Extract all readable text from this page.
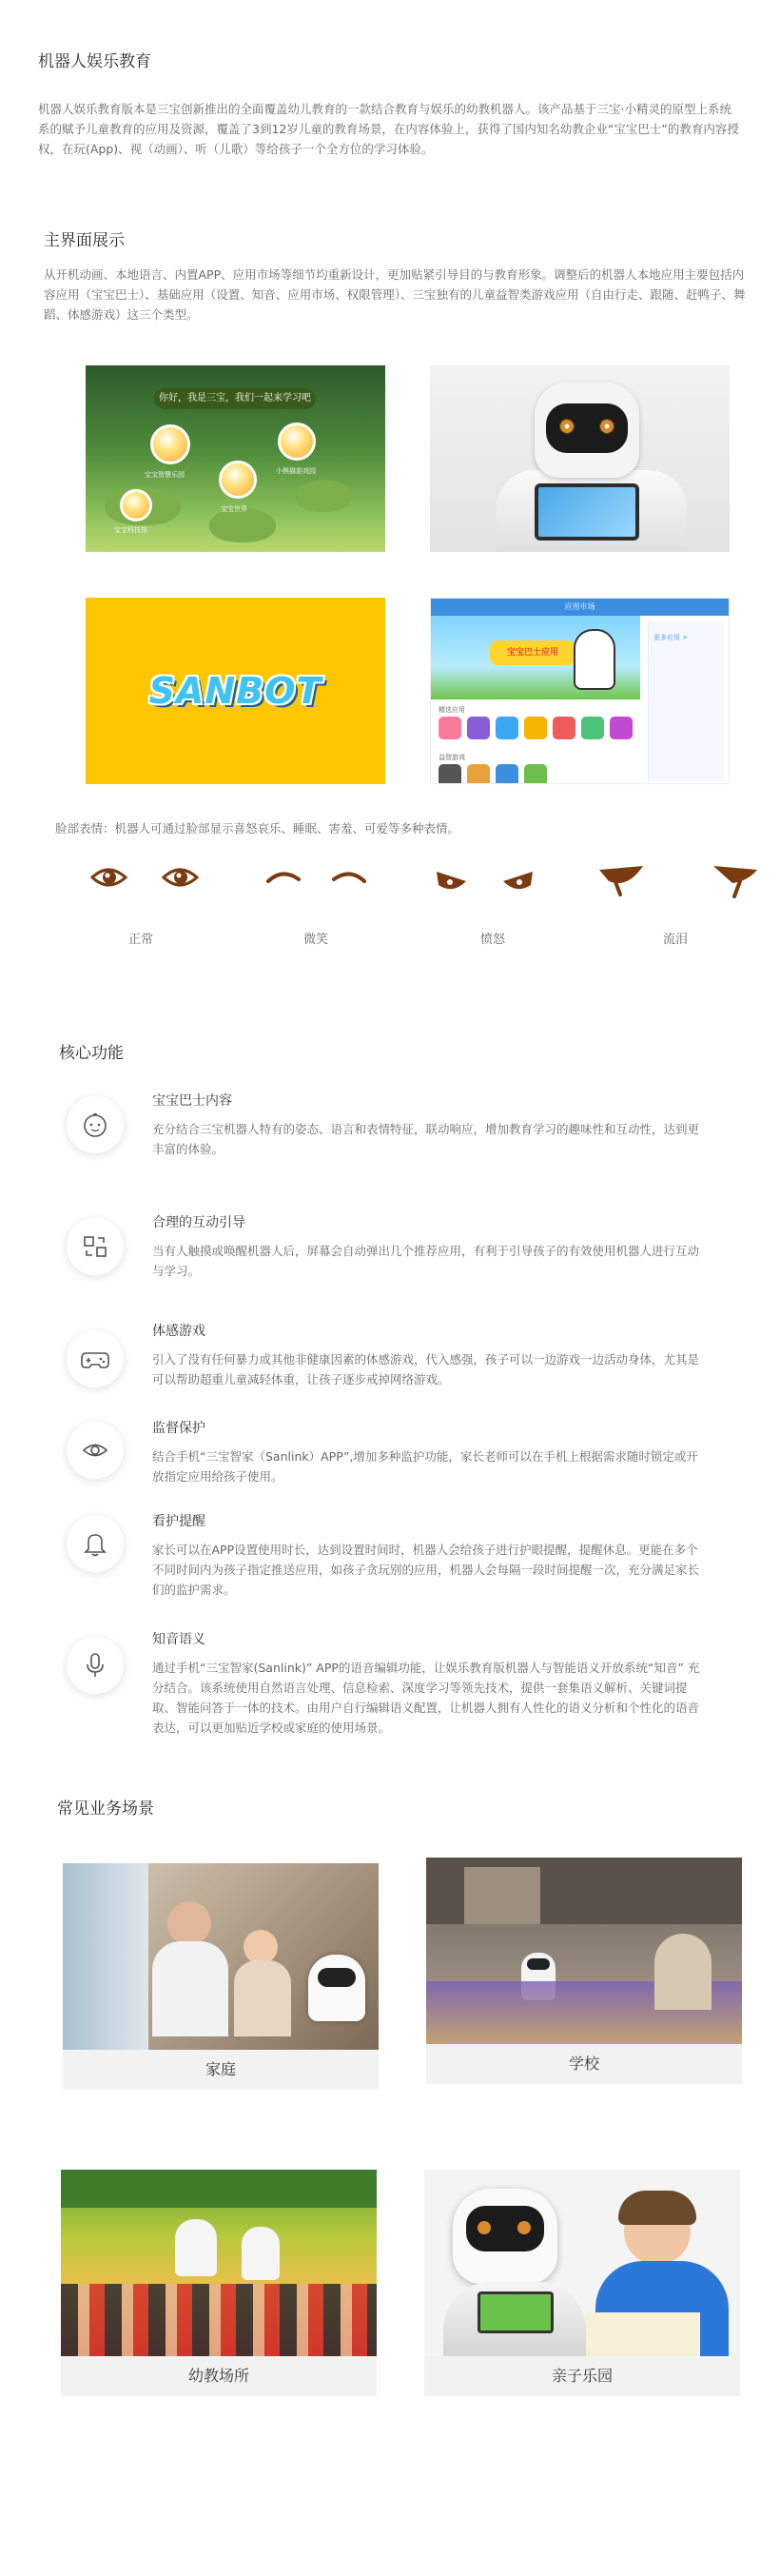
机器人娱乐教育
机器人娱乐教育版本是三宝创新推出的全面覆盖幼儿教育的一款结合教育与娱乐的幼教机器人。该产品基于三宝·小精灵的原型上系统系的赋予儿童教育的应用及资源，覆盖了3到12岁儿童的教育场景，在内容体验上，获得了国内知名幼教企业“宝宝巴士”的教育内容授权，在玩(App)、视（动画）、听（儿歌）等给孩子一个全方位的学习体验。
主界面展示
从开机动画、本地语言、内置APP、应用市场等细节均重新设计，更加贴紧引导目的与教育形象。调整后的机器人本地应用主要包括内容应用（宝宝巴士）、基础应用（设置、知音、应用市场、权限管理）、三宝独有的儿童益智类游戏应用（自由行走、跟随、赶鸭子、舞蹈、体感游戏）这三个类型。
你好，我是三宝，我们一起来学习吧
宝宝智慧乐园	小熊猫游戏园
宝宝科技馆
宝宝世界
SANBOT
应用市场
宝宝巴士应用
精选应用
益智游戏
更多应用 >
脸部表情：机器人可通过脸部显示喜怒哀乐、睡眠、害羞、可爱等多种表情。
正常	微笑	愤怒	流泪
核心功能
宝宝巴士内容
充分结合三宝机器人特有的姿态、语言和表情特征，联动响应，增加教育学习的趣味性和互动性，达到更丰富的体验。
合理的互动引导
当有人触摸或唤醒机器人后，屏幕会自动弹出几个推荐应用，有利于引导孩子的有效使用机器人进行互动与学习。
体感游戏
引入了没有任何暴力或其他非健康因素的体感游戏，代入感强，孩子可以一边游戏一边活动身体，尤其是可以帮助超重儿童减轻体重，让孩子逐步戒掉网络游戏。
监督保护
结合手机“三宝智家（Sanlink）APP”,增加多种监护功能，家长老师可以在手机上根据需求随时锁定或开放指定应用给孩子使用。
看护提醒
家长可以在APP设置使用时长，达到设置时间时，机器人会给孩子进行护眼提醒，提醒休息。更能在多个不同时间内为孩子指定推送应用，如孩子贪玩别的应用，机器人会每隔一段时间提醒一次，充分满足家长们的监护需求。
知音语义
通过手机“三宝智家(Sanlink)” APP的语音编辑功能，让娱乐教育版机器人与智能语义开放系统“知音” 充分结合。该系统使用自然语言处理、信息检索、深度学习等领先技术，提供一套集语义解析、关键词提取、智能问答于一体的技术。由用户自行编辑语义配置，让机器人拥有人性化的语义分析和个性化的语音表达，可以更加贴近学校或家庭的使用场景。
常见业务场景
家庭	学校
幼教场所	亲子乐园
